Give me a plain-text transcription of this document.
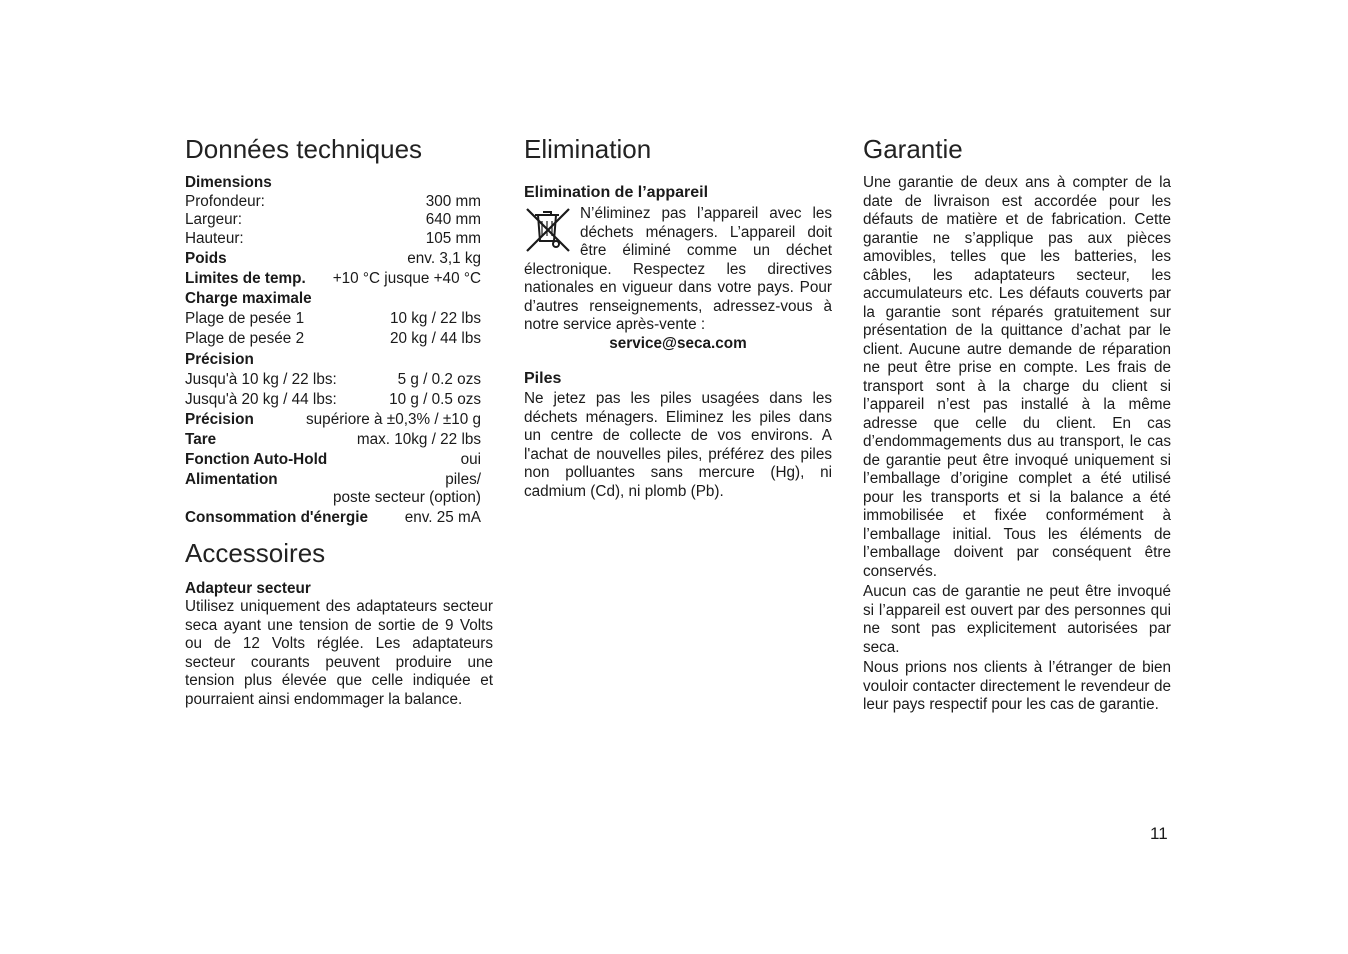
Données techniques
Dimensions
Profondeur:	300 mm
Largeur:	640 mm
Hauteur:	105 mm
Poids	env. 3,1 kg
Limites de temp. +10 °C jusque +40 °C
Charge maximale
Plage de pesée 1	10 kg / 22 lbs
Plage de pesée 2	20 kg / 44 lbs
Précision
Jusqu'à 10 kg / 22 lbs:	5 g / 0.2 ozs
Jusqu'à 20 kg / 44 lbs:	10 g / 0.5 ozs
Précision	supériore à ±0,3% / ±10 g
Tare	max. 10kg / 22 lbs
Fonction Auto-Hold	oui
Alimentation	piles/
poste secteur (option)
Consommation d'énergie env. 25 mA
Accessoires
Adapteur secteur

Utilisez uniquement des adaptateurs secteur seca ayant une tension de sortie de 9 Volts ou de 12 Volts réglée. Les adaptateurs secteur courants peuvent produire une tension plus élevée que celle indiquée et pourraient ainsi endommager la balance.

Elimination
Elimination de l’appareil

N’éliminez pas l’appareil avec les déchets ménagers. L’appareil doit être éliminé comme un déchet électronique. Respectez les directives nationales en vigueur dans votre pays. Pour d’autres renseignements, adressez-vous à notre service après-vente :

service@seca.com
Piles

Ne jetez pas les piles usagées dans les déchets ménagers. Eliminez les piles dans un centre de collecte de vos environs. A l'achat de nouvelles piles, préférez des piles non polluantes sans mercure (Hg), ni cadmium (Cd), ni plomb (Pb).

Garantie

Une garantie de deux ans à compter de la date de livraison est accordée pour les défauts de matière et de fabrication. Cette garantie ne s’applique pas aux pièces amovibles, telles que les batteries, les câbles, les adaptateurs secteur, les accumulateurs etc. Les défauts couverts par la garantie sont réparés gratuitement sur présentation de la quittance d’achat par le client. Aucune autre demande de réparation ne peut être prise en compte. Les frais de transport sont à la charge du client si l’appareil n’est pas installé à la même adresse que celle du client. En cas d’endommagements dus au transport, le cas de garantie peut être invoqué uniquement si l’emballage d’origine complet a été utilisé pour les transports et si la balance a été immobilisée et fixée conformément à l’emballage initial. Tous les éléments de l’emballage doivent par conséquent être conservés.

Aucun cas de garantie ne peut être invoqué si l’appareil est ouvert par des personnes qui ne sont pas explicitement autorisées par seca.

Nous prions nos clients à l’étranger de bien vouloir contacter directement le revendeur de leur pays respectif pour les cas de garantie.

11
